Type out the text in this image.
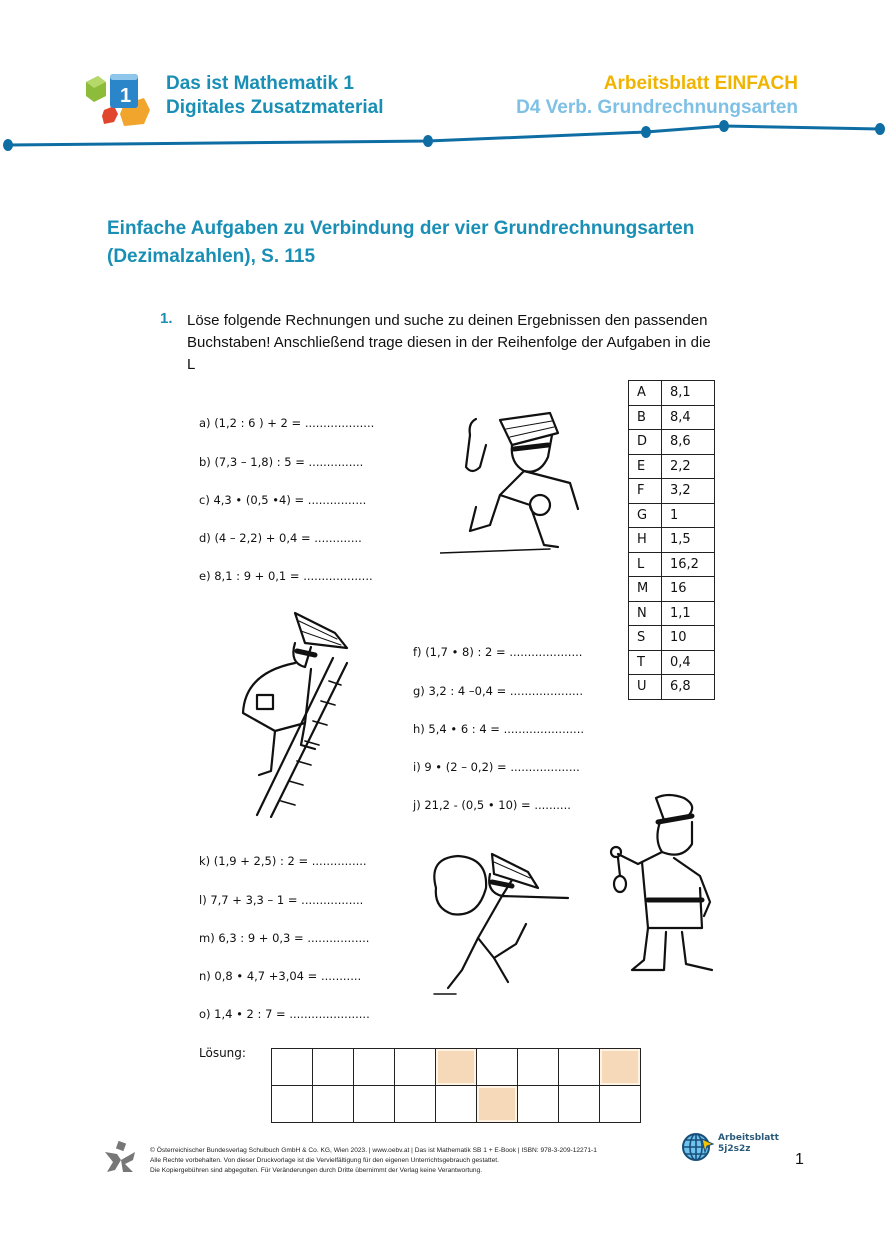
1
Das ist Mathematik 1
Digitales Zusatzmaterial
Arbeitsblatt EINFACH
D4 Verb. Grundrechnungsarten
Einfache Aufgaben zu Verbindung der vier Grundrechnungsarten
(Dezimalzahlen), S. 115
1. Löse folgende Rechnungen und suche zu deinen Ergebnissen den passenden
Buchstaben! Anschließend trage diesen in der Reihenfolge der Aufgaben in die
L
a) (1,2 : 6 ) + 2 = ...................
b) (7,3 – 1,8) : 5 = ...............
c) 4,3 • (0,5 •4) = ................
d) (4 – 2,2) + 0,4 = .............
e) 8,1 : 9 + 0,1 = ...................
f) (1,7 • 8) : 2 = ....................
g) 3,2 : 4 –0,4 = ....................
h) 5,4 • 6 : 4 = ......................
i) 9 • (2 – 0,2) = ...................
j) 21,2 - (0,5 • 10) = ..........
k) (1,9 + 2,5) : 2 = ...............
l) 7,7 + 3,3 – 1 = .................
m) 6,3 : 9 + 0,3 = .................
n) 0,8 • 4,7 +3,04 = ...........
o) 1,4 • 2 : 7 = ......................
A	8,1
B	8,4
D	8,6
E	2,2
F	3,2
G	1
H	1,5
L	16,2
M	16
N	1,1
S	10
T	0,4
U	6,8
Lösung:

© Österreichischer Bundesverlag Schulbuch GmbH & Co. KG, Wien 2023. | www.oebv.at | Das ist Mathematik SB 1 + E-Book | ISBN: 978-3-209-12271-1
Alle Rechte vorbehalten. Von dieser Druckvorlage ist die Vervielfältigung für den eigenen Unterrichtsgebrauch gestattet.
Die Kopiergebühren sind abgegolten. Für Veränderungen durch Dritte übernimmt der Verlag keine Verantwortung.
Arbeitsblatt
5j2s2z
1
